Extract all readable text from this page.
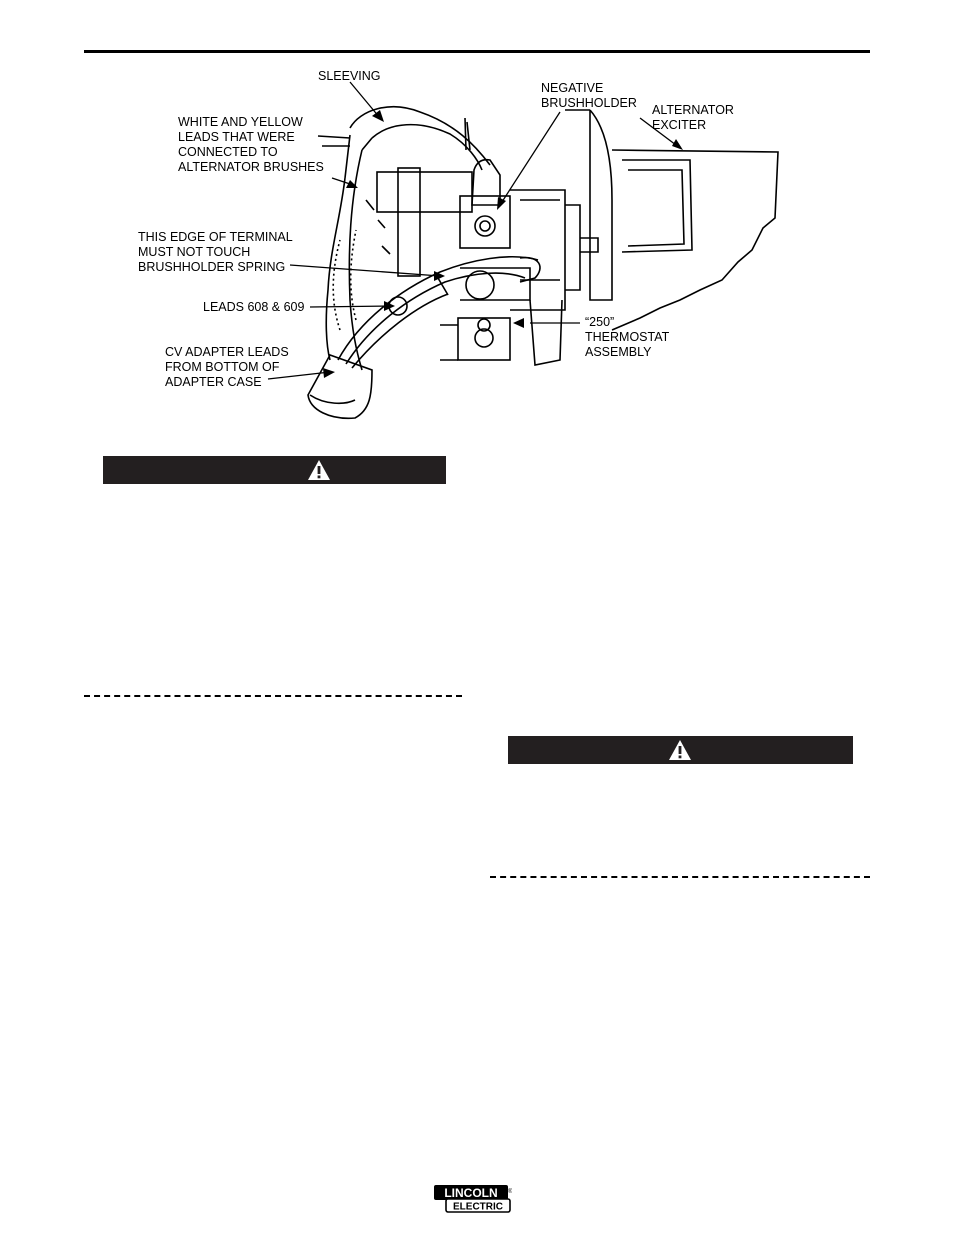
SLEEVING
WHITE AND YELLOW
LEADS THAT WERE
CONNECTED TO
ALTERNATOR BRUSHES
NEGATIVE
BRUSHHOLDER ALTERNATOR
EXCITER
THIS EDGE OF TERMINAL
MUST NOT TOUCH
BRUSHHOLDER SPRING
LEADS 608 & 609
“250”
THERMOSTAT
ASSEMBLY
CV ADAPTER LEADS
FROM BOTTOM OF
ADAPTER CASE
LINCOLN
ELECTRIC
®
